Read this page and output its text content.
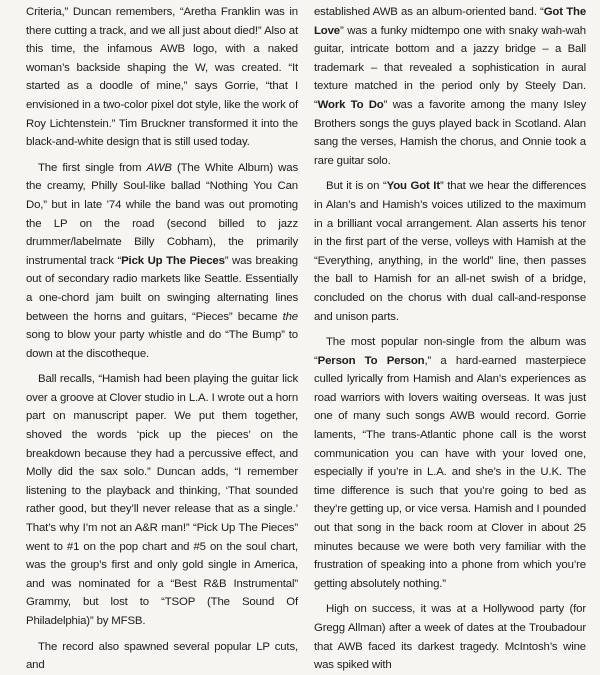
Criteria,” Duncan remembers, “Aretha Franklin was in there cutting a track, and we all just about died!” Also at this time, the infamous AWB logo, with a naked woman’s backside shaping the W, was created. “It started as a doodle of mine,” says Gorrie, “that I envisioned in a two-color pixel dot style, like the work of Roy Lichtenstein.” Tim Bruckner transformed it into the black-and-white design that is still used today.

The first single from AWB (The White Album) was the creamy, Philly Soul-like ballad “Nothing You Can Do,” but in late ’74 while the band was out promoting the LP on the road (second billed to jazz drummer/labelmate Billy Cobham), the primarily instrumental track “Pick Up The Pieces” was breaking out of secondary radio markets like Seattle. Essentially a one-chord jam built on swinging alternating lines between the horns and guitars, “Pieces” became the song to blow your party whistle and do “The Bump” to down at the discotheque.

Ball recalls, “Hamish had been playing the guitar lick over a groove at Clover studio in L.A. I wrote out a horn part on manuscript paper. We put them together, shoved the words ‘pick up the pieces’ on the breakdown because they had a percussive effect, and Molly did the sax solo.” Duncan adds, “I remember listening to the playback and thinking, ‘That sounded rather good, but they’ll never release that as a single.’ That’s why I’m not an A&R man!” “Pick Up The Pieces” went to #1 on the pop chart and #5 on the soul chart, was the group’s first and only gold single in America, and was nominated for a “Best R&B Instrumental” Grammy, but lost to “TSOP (The Sound Of Philadelphia)” by MFSB.

The record also spawned several popular LP cuts, and

established AWB as an album-oriented band. “Got The Love” was a funky midtempo one with snaky wah-wah guitar, intricate bottom and a jazzy bridge – a Ball trademark – that revealed a sophistication in aural texture matched in the period only by Steely Dan. “Work To Do” was a favorite among the many Isley Brothers songs the guys played back in Scotland. Alan sang the verses, Hamish the chorus, and Onnie took a rare guitar solo.

But it is on “You Got It” that we hear the differences in Alan’s and Hamish’s voices utilized to the maximum in a brilliant vocal arrangement. Alan asserts his tenor in the first part of the verse, volleys with Hamish at the “Everything, anything, in the world” line, then passes the ball to Hamish for an all-net swish of a bridge, concluded on the chorus with dual call-and-response and unison parts.

The most popular non-single from the album was “Person To Person,” a hard-earned masterpiece culled lyrically from Hamish and Alan’s experiences as road warriors with lovers waiting overseas. It was just one of many such songs AWB would record. Gorrie laments, “The trans-Atlantic phone call is the worst communication you can have with your loved one, especially if you’re in L.A. and she’s in the U.K. The time difference is such that you’re going to bed as they’re getting up, or vice versa. Hamish and I pounded out that song in the back room at Clover in about 25 minutes because we were both very familiar with the frustration of speaking into a phone from which you’re getting absolutely nothing.”

High on success, it was at a Hollywood party (for Gregg Allman) after a week of dates at the Troubadour that AWB faced its darkest tragedy. McIntosh’s wine was spiked with
